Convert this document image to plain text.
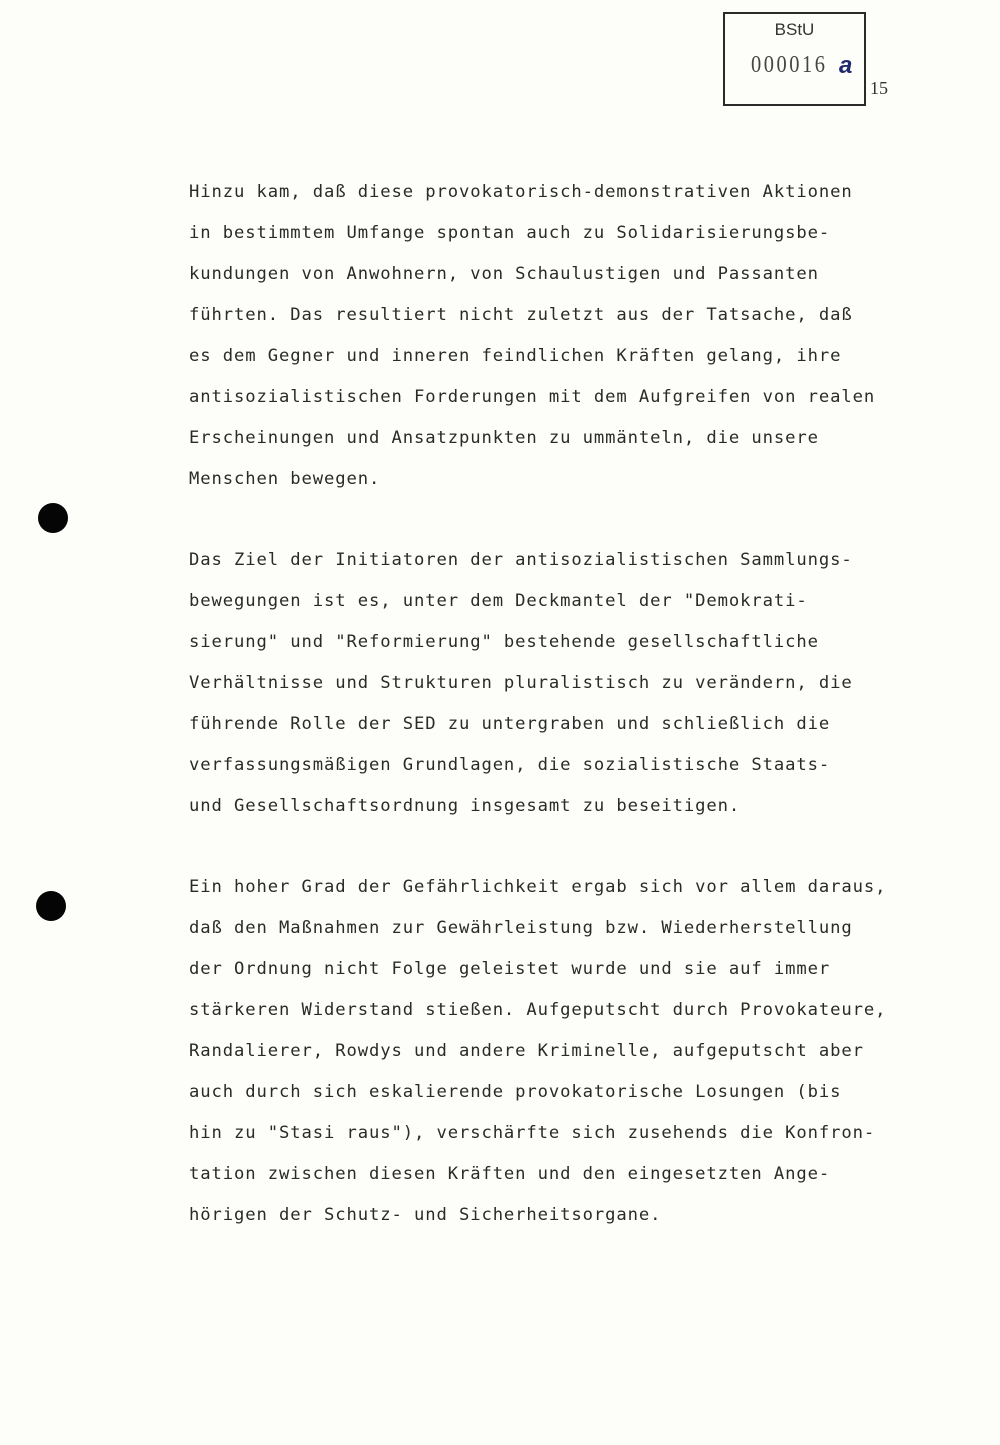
BStU
000016 a
15
Hinzu kam, daß diese provokatorisch-demonstrativen Aktionen
in bestimmtem Umfange spontan auch zu Solidarisierungsbe-
kundungen von Anwohnern, von Schaulustigen und Passanten
führten. Das resultiert nicht zuletzt aus der Tatsache, daß
es dem Gegner und inneren feindlichen Kräften gelang, ihre
antisozialistischen Forderungen mit dem Aufgreifen von realen
Erscheinungen und Ansatzpunkten zu ummänteln, die unsere
Menschen bewegen.
Das Ziel der Initiatoren der antisozialistischen Sammlungs-
bewegungen ist es, unter dem Deckmantel der "Demokrati-
sierung" und "Reformierung" bestehende gesellschaftliche
Verhältnisse und Strukturen pluralistisch zu verändern, die
führende Rolle der SED zu untergraben und schließlich die
verfassungsmäßigen Grundlagen, die sozialistische Staats-
und Gesellschaftsordnung insgesamt zu beseitigen.
Ein hoher Grad der Gefährlichkeit ergab sich vor allem daraus,
daß den Maßnahmen zur Gewährleistung bzw. Wiederherstellung
der Ordnung nicht Folge geleistet wurde und sie auf immer
stärkeren Widerstand stießen. Aufgeputscht durch Provokateure,
Randalierer, Rowdys und andere Kriminelle, aufgeputscht aber
auch durch sich eskalierende provokatorische Losungen (bis
hin zu "Stasi raus"), verschärfte sich zusehends die Konfron-
tation zwischen diesen Kräften und den eingesetzten Ange-
hörigen der Schutz- und Sicherheitsorgane.
